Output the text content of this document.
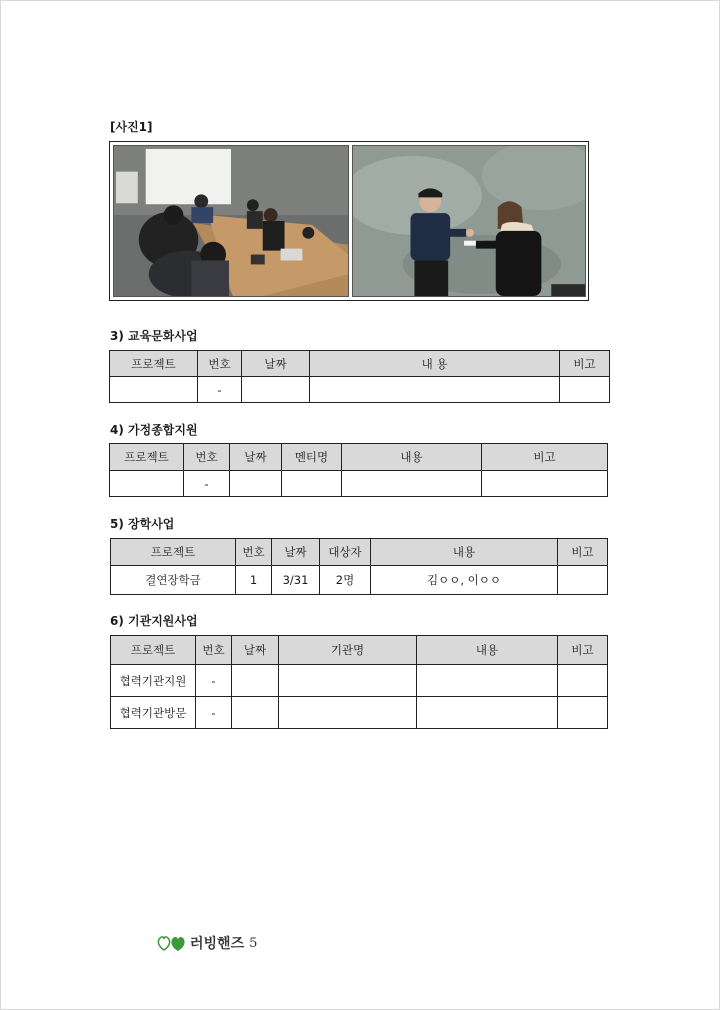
[사진1]
3) 교육문화사업
프로젝트	번호	날짜	내 용	비고
	-			
4) 가정종합지원
프로젝트	번호	날짜	멘티명	내용	비고
	-				
5) 장학사업
프로젝트	번호	날짜	대상자	내용	비고
결연장학금	1	3/31	2명	김ㅇㅇ, 이ㅇㅇ	
6) 기관지원사업
프로젝트	번호	날짜	기관명	내용	비고
협력기관지원	-				
협력기관방문	-				
러빙핸즈 5
